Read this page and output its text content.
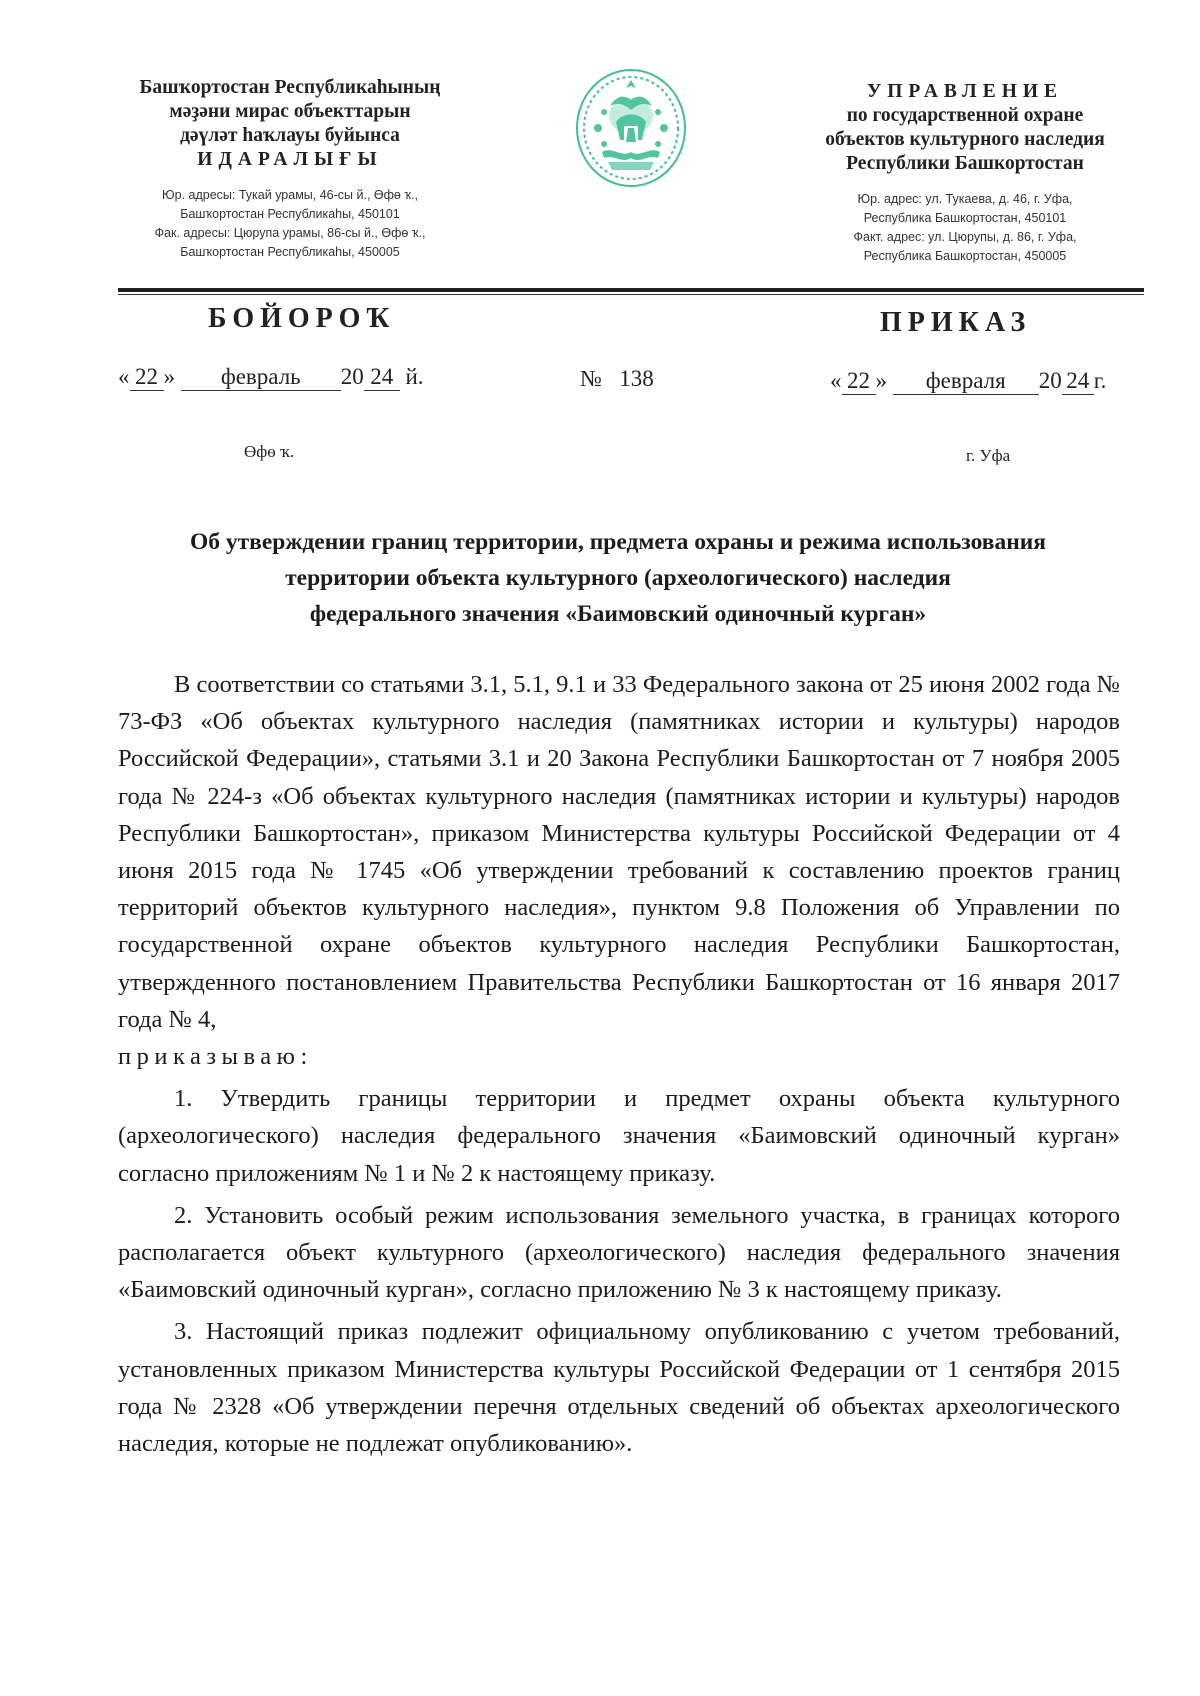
Башҡортостан Республикаһының
мәҙәни мирас объекттарын
дәүләт һаҡлауы буйынса
ИДАРАЛЫҒЫ
Юр. адресы: Тукай урамы, 46-сы й., Өфө ҡ.,
Башҡортостан Республикаһы, 450101
Фак. адресы: Цюрупа урамы, 86-сы й., Өфө ҡ.,
Башҡортостан Республикаһы, 450005
УПРАВЛЕНИЕ
по государственной охране
объектов культурного наследия
Республики Башкортостан
Юр. адрес: ул. Тукаева, д. 46, г. Уфа,
Республика Башкортостан, 450101
Факт. адрес: ул. Цюрупы, д. 86, г. Уфа,
Республика Башкортостан, 450005
БОЙОРОҠ	ПРИКАЗ
« 22 » февраль 20 24 й.	№ 138	« 22 » февраля 20 24 г.
Өфө ҡ.	г. Уфа
Об утверждении границ территории, предмета охраны и режима использования
территории объекта культурного (археологического) наследия
федерального значения «Баимовский одиночный курган»

В соответствии со статьями 3.1, 5.1, 9.1 и 33 Федерального закона от 25 июня 2002 года № 73-ФЗ «Об объектах культурного наследия (памятниках истории и культуры) народов Российской Федерации», статьями 3.1 и 20 Закона Республики Башкортостан от 7 ноября 2005 года № 224-з «Об объектах культурного наследия (памятниках истории и культуры) народов Республики Башкортостан», приказом Министерства культуры Российской Федерации от 4 июня 2015 года № 1745 «Об утверждении требований к составлению проектов границ территорий объектов культурного наследия», пунктом 9.8 Положения об Управлении по государственной охране объектов культурного наследия Республики Башкортостан, утвержденного постановлением Правительства Республики Башкортостан от 16 января 2017 года № 4,
приказываю:

1. Утвердить границы территории и предмет охраны объекта культурного (археологического) наследия федерального значения «Баимовский одиночный курган» согласно приложениям № 1 и № 2 к настоящему приказу.

2. Установить особый режим использования земельного участка, в границах которого располагается объект культурного (археологического) наследия федерального значения «Баимовский одиночный курган», согласно приложению № 3 к настоящему приказу.

3. Настоящий приказ подлежит официальному опубликованию с учетом требований, установленных приказом Министерства культуры Российской Федерации от 1 сентября 2015 года № 2328 «Об утверждении перечня отдельных сведений об объектах археологического наследия, которые не подлежат опубликованию».
